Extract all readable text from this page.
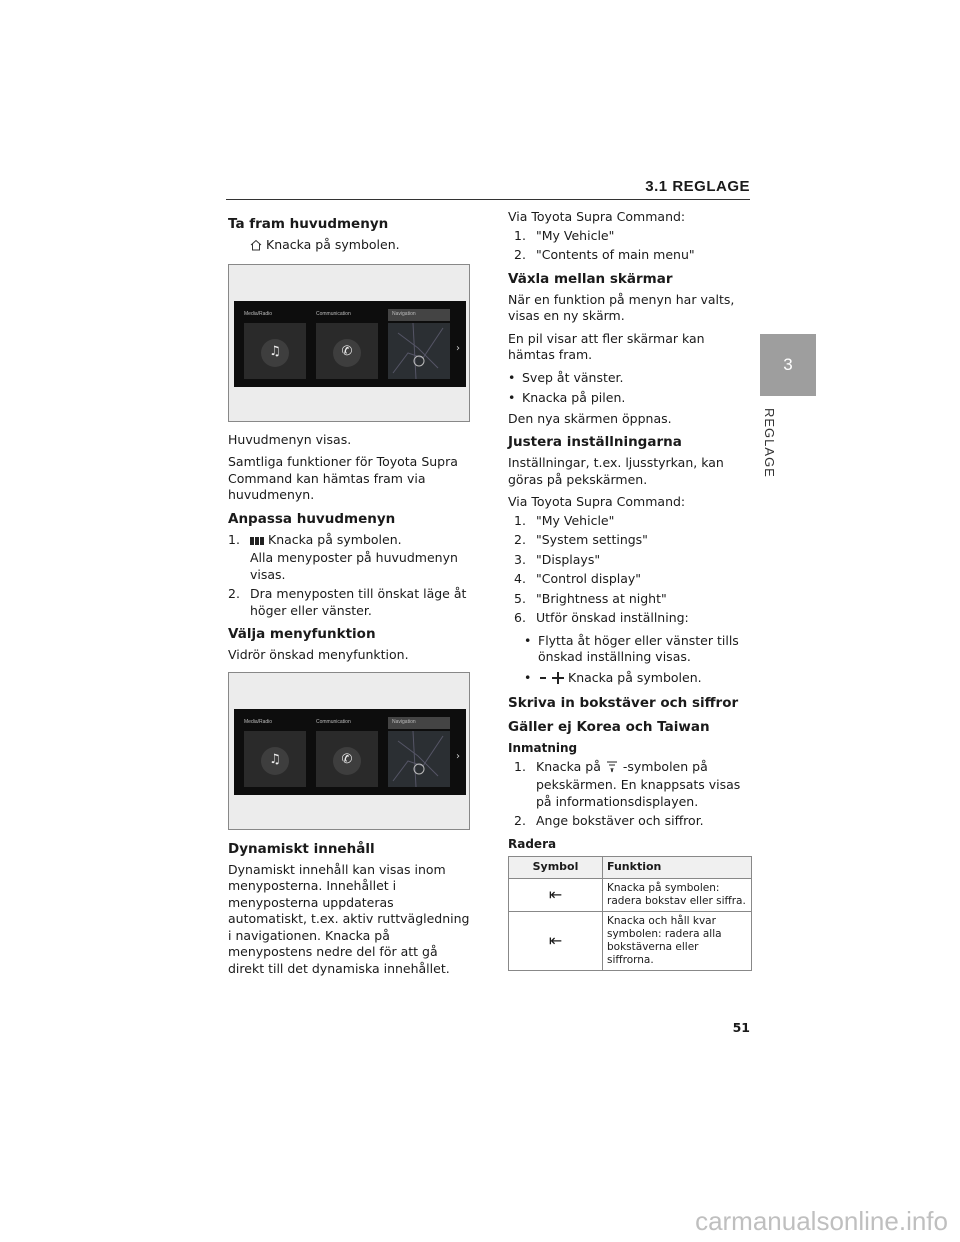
3.1 REGLAGE
3
REGLAGE
Ta fram huvudmenyn

Knacka på symbolen.

Media/Radio	Communication	Navigation
♫	✆	›

Huvudmenyn visas.

Samtliga funktioner för Toyota Supra Command kan hämtas fram via huvudmenyn.

Anpassa huvudmenyn
1.	Knacka på symbolen.
Alla menyposter på huvudmenyn visas.
2. Dra menyposten till önskat läge åt höger eller vänster.
Välja menyfunktion

Vidrör önskad menyfunktion.

Media/Radio	Communication	Navigation
♫	✆	›
Dynamiskt innehåll

Dynamiskt innehåll kan visas inom menyposterna. Innehållet i menyposterna uppdateras automatiskt, t.ex. aktiv ruttvägledning i navigationen. Knacka på menypostens nedre del för att gå direkt till det dynamiska innehållet.

Via Toyota Supra Command:

1. "My Vehicle"
2. "Contents of main menu"
Växla mellan skärmar

När en funktion på menyn har valts, visas en ny skärm.

En pil visar att fler skärmar kan hämtas fram.

• Svep åt vänster.
• Knacka på pilen.

Den nya skärmen öppnas.

Justera inställningarna

Inställningar, t.ex. ljusstyrkan, kan göras på pekskärmen.

Via Toyota Supra Command:

1. "My Vehicle"
2. "System settings"
3. "Displays"
4. "Control display"
5. "Brightness at night"
6. Utför önskad inställning:
• Flytta åt höger eller vänster tills önskad inställning visas.
•	Knacka på symbolen.
Skriva in bokstäver och siffror
Gäller ej Korea och Taiwan
Inmatning
1. Knacka på -symbolen på pekskärmen. En knappsats visas på informationsdisplayen.
2. Ange bokstäver och siffror.
Radera
Symbol	Funktion
⇤	Knacka på symbolen: radera bokstav eller siffra.
⇤	Knacka och håll kvar symbolen: radera alla bokstäverna eller siffrorna.
51
carmanualsonline.info
